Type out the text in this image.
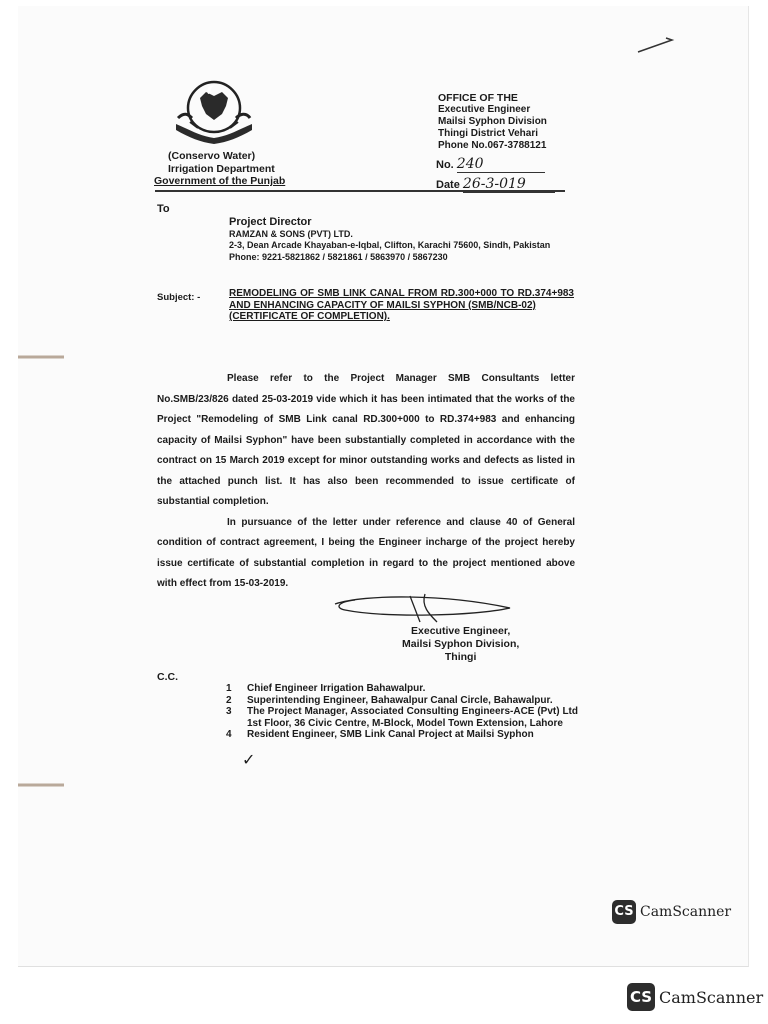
(Conservo Water)
Irrigation Department
Government of the Punjab
OFFICE OF THE
Executive Engineer
Mailsi Syphon Division
Thingi District Vehari
Phone No.067-3788121
No. 240
Date 26-3-019
To
Project Director
RAMZAN & SONS (PVT) LTD.
2-3, Dean Arcade Khayaban-e-Iqbal, Clifton, Karachi 75600, Sindh, Pakistan
Phone: 9221-5821862 / 5821861 / 5863970 / 5867230
Subject: -	REMODELING OF SMB LINK CANAL FROM RD.300+000 TO RD.374+983 AND ENHANCING CAPACITY OF MAILSI SYPHON (SMB/NCB-02)
(CERTIFICATE OF COMPLETION).

Please refer to the Project Manager SMB Consultants letter No.SMB/23/826 dated 25-03-2019 vide which it has been intimated that the works of the Project "Remodeling of SMB Link canal RD.300+000 to RD.374+983 and enhancing capacity of Mailsi Syphon" have been substantially completed in accordance with the contract on 15 March 2019 except for minor outstanding works and defects as listed in the attached punch list. It has also been recommended to issue certificate of substantial completion.

In pursuance of the letter under reference and clause 40 of General condition of contract agreement, I being the Engineer incharge of the project hereby issue certificate of substantial completion in regard to the project mentioned above with effect from 15-03-2019.

Executive Engineer,
Mailsi Syphon Division,
Thingi
C.C.
1 Chief Engineer Irrigation Bahawalpur.
2 Superintending Engineer, Bahawalpur Canal Circle, Bahawalpur.
3 The Project Manager, Associated Consulting Engineers-ACE (Pvt) Ltd 1st Floor, 36 Civic Centre, M-Block, Model Town Extension, Lahore
4 Resident Engineer, SMB Link Canal Project at Mailsi Syphon
✓
CS CamScanner
CS CamScanner
